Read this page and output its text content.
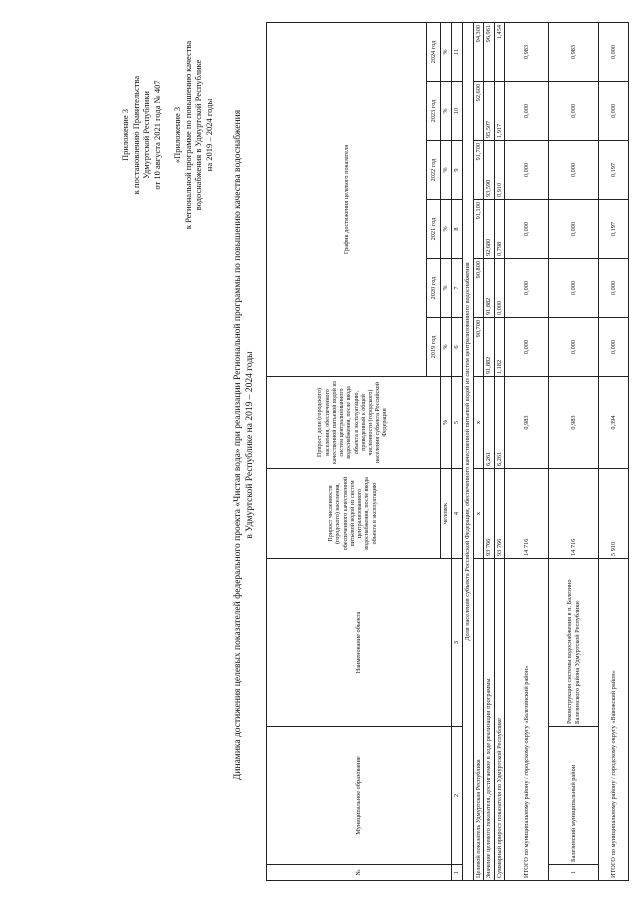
Приложение 3 к постановлению Правительства Удмуртской Республики от 10 августа 2021 года № 407 «Приложение 3 к Региональной программе по повышению качества водоснабжения в Удмуртской Республике на 2019 – 2024 годы Динамика достижения целевых показателей федерального проекта «Чистая вода» при реализации Региональной программы по повышению качества водоснабжения в Удмуртской Республике на 2019 – 2024 годы
№	Муниципальное образование	Наименование объекта	Прирост численности (городского) населения, обеспеченного качественной питьевой водой из систем централизованного водоснабжения, после ввода объекта в эксплуатацию	Прирост доли (городского) населения, обеспеченного качественной питьевой водой из систем централизованного водоснабжения, после ввода объекта в эксплуатацию, приведенный к общей численности (городского) населения субъекта Российской Федерации	График достижения целевого показателя					
					2019 год	2020 год	2021 год	2022 год	2023 год	2024 год
			человек	%	%	%	%	%	%	%
1	2	3	4	5	6	7	8	9	10	11
Доля населения субъекта Российской Федерации, обеспеченного качественной питьевой водой из систем централизованного водоснабжения										
Целевой показатель Удмуртская Республика			x	x	90,700	90,800	91,100	91,700	92,600	94,300
Значение целевого показателя, достигаемое в ходе реализации программы			93 766	6,261	91,882	91,882	92,680	93,590	95,507	96,961
Суммарный прирост показателя по Удмуртской Республике			93 766	6,261	1,182	0,000	0,798	0,910	1,917	1,454
ИТОГО по муниципальному району / городскому округу «Балезинский район»			14 716	0,983	0,000	0,000	0,000	0,000	0,000	0,983
1	Балезинский муниципальный район	Реконструкция системы водоснабжения в п. Балезино Балезинского района Удмуртской Республики	14 716	0,983	0,000	0,000	0,000	0,000	0,000	0,983
ИТОГО по муниципальному району / городскому округу «Вавожский район»			5 910	0,394	0,000	0,000	0,197	0,197	0,000	0,000
